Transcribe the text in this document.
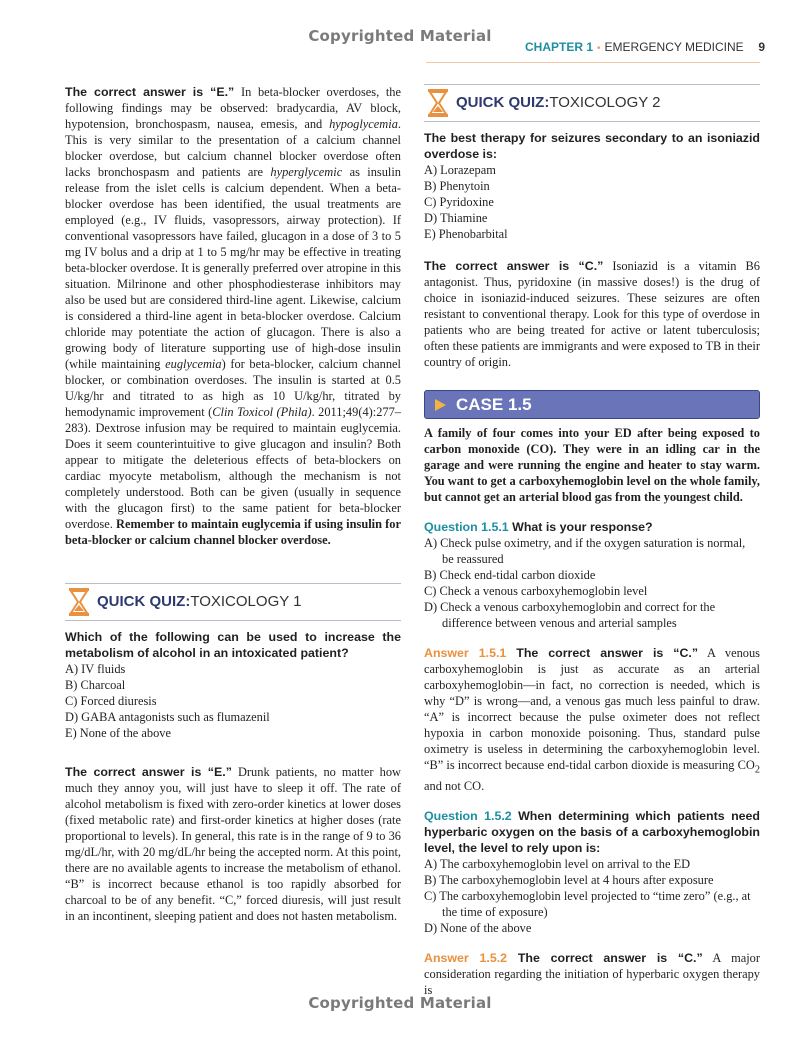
Copyrighted Material
CHAPTER 1 • EMERGENCY MEDICINE 9

The correct answer is “E.” In beta-blocker overdoses, the following findings may be observed: bradycardia, AV block, hypotension, bronchospasm, nausea, emesis, and hypoglycemia. This is very similar to the presentation of a calcium channel blocker overdose, but calcium channel blocker overdose often lacks bronchospasm and patients are hyperglycemic as insulin release from the islet cells is calcium dependent. When a beta-blocker overdose has been identified, the usual treatments are employed (e.g., IV fluids, vasopressors, airway protection). If conventional vasopressors have failed, glucagon in a dose of 3 to 5 mg IV bolus and a drip at 1 to 5 mg/hr may be effective in treating beta-blocker overdose. It is generally preferred over atropine in this situation. Milrinone and other phosphodiesterase inhibitors may also be used but are considered third-line agent. Likewise, calcium is considered a third-line agent in beta-blocker overdose. Calcium chloride may potentiate the action of glucagon. There is also a growing body of literature supporting use of high-dose insulin (while maintaining euglycemia) for beta-blocker, calcium channel blocker, or combination overdoses. The insulin is started at 0.5 U/kg/hr and titrated to as high as 10 U/kg/hr, titrated by hemodynamic improvement (Clin Toxicol (Phila). 2011;49(4):277–283). Dextrose infusion may be required to maintain euglycemia. Does it seem counterintuitive to give glucagon and insulin? Both appear to mitigate the deleterious effects of beta-blockers on cardiac myocyte metabolism, although the mechanism is not completely understood. Both can be given (usually in sequence with the glucagon first) to the same patient for beta-blocker overdose. Remember to maintain euglycemia if using insulin for beta-blocker or calcium channel blocker overdose.

QUICK QUIZ:TOXICOLOGY 1
Which of the following can be used to increase the metabolism of alcohol in an intoxicated patient?
A) IV fluids
B) Charcoal
C) Forced diuresis
D) GABA antagonists such as flumazenil
E) None of the above

The correct answer is “E.” Drunk patients, no matter how much they annoy you, will just have to sleep it off. The rate of alcohol metabolism is fixed with zero-order kinetics at lower doses (fixed metabolic rate) and first-order kinetics at higher doses (rate proportional to levels). In general, this rate is in the range of 9 to 36 mg/dL/hr, with 20 mg/dL/hr being the accepted norm. At this point, there are no available agents to increase the metabolism of ethanol. “B” is incorrect because ethanol is too rapidly absorbed for charcoal to be of any benefit. “C,” forced diuresis, will just result in an incontinent, sleeping patient and does not hasten metabolism.

QUICK QUIZ:TOXICOLOGY 2
The best therapy for seizures secondary to an isoniazid overdose is:
A) Lorazepam
B) Phenytoin
C) Pyridoxine
D) Thiamine
E) Phenobarbital

The correct answer is “C.” Isoniazid is a vitamin B6 antagonist. Thus, pyridoxine (in massive doses!) is the drug of choice in isoniazid-induced seizures. These seizures are often resistant to conventional therapy. Look for this type of overdose in patients who are being treated for active or latent tuberculosis; often these patients are immigrants and were exposed to TB in their country of origin.

CASE 1.5

A family of four comes into your ED after being exposed to carbon monoxide (CO). They were in an idling car in the garage and were running the engine and heater to stay warm. You want to get a carboxyhemoglobin level on the whole family, but cannot get an arterial blood gas from the youngest child.

Question 1.5.1 What is your response?

A) Check pulse oximetry, and if the oxygen saturation is normal, be reassured
B) Check end-tidal carbon dioxide
C) Check a venous carboxyhemoglobin level
D) Check a venous carboxyhemoglobin and correct for the difference between venous and arterial samples

Answer 1.5.1 The correct answer is “C.” A venous carboxyhemoglobin is just as accurate as an arterial carboxyhemoglobin—in fact, no correction is needed, which is why “D” is wrong—and, a venous gas much less painful to draw. “A” is incorrect because the pulse oximeter does not reflect hypoxia in carbon monoxide poisoning. Thus, standard pulse oximetry is useless in determining the carboxyhemoglobin level. “B” is incorrect because end-tidal carbon dioxide is measuring $CO_2$ and not CO.

Question 1.5.2 When determining which patients need hyperbaric oxygen on the basis of a carboxyhemoglobin level, the level to rely upon is:

A) The carboxyhemoglobin level on arrival to the ED
B) The carboxyhemoglobin level at 4 hours after exposure
C) The carboxyhemoglobin level projected to “time zero” (e.g., at the time of exposure)
D) None of the above

Answer 1.5.2 The correct answer is “C.” A major consideration regarding the initiation of hyperbaric oxygen therapy is

Copyrighted Material
